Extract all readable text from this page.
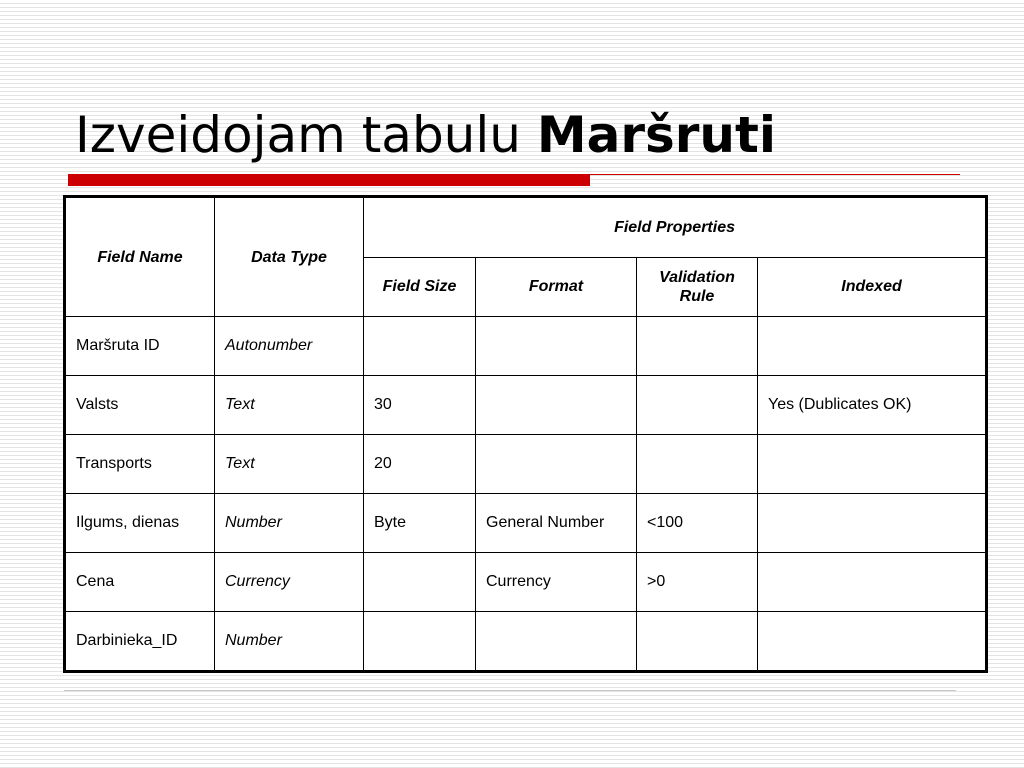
Izveidojam tabulu Maršruti
Field Name	Data Type	Field Properties			
		Field Size	Format	Validation Rule	Indexed
Maršruta ID	Autonumber				
Valsts	Text	30			Yes (Dublicates OK)
Transports	Text	20			
Ilgums, dienas	Number	Byte	General Number	<100	
Cena	Currency		Currency	>0	
Darbinieka_ID	Number				
